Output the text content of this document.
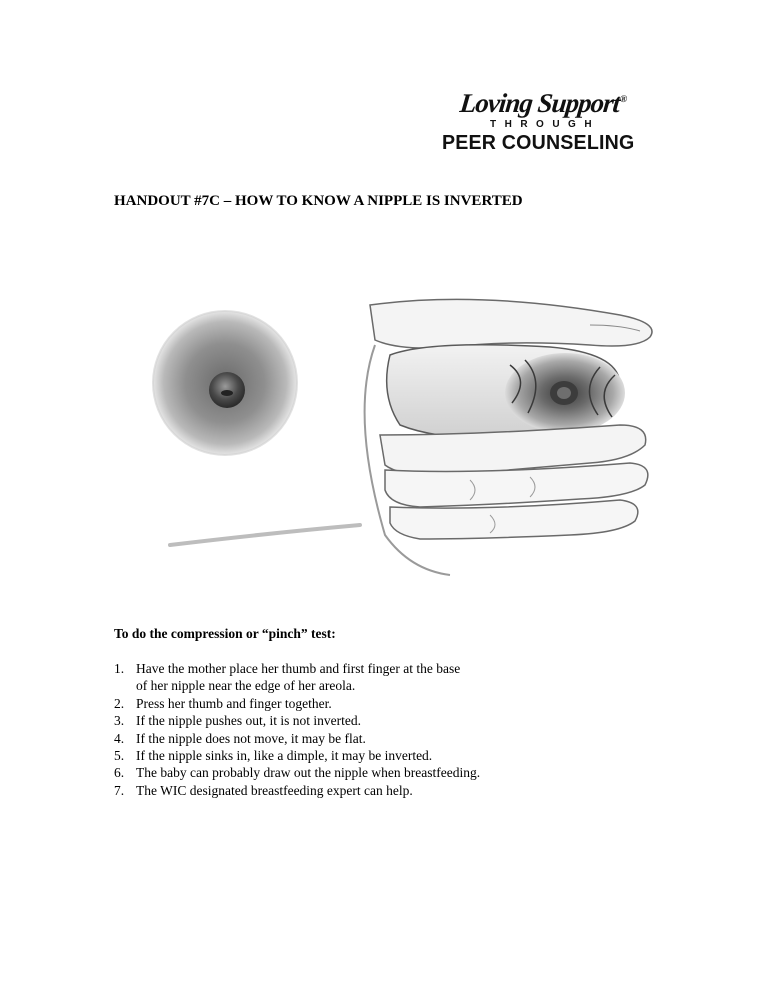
Loving Support®
THROUGH
PEER COUNSELING
HANDOUT #7C – HOW TO KNOW A NIPPLE IS INVERTED
To do the compression or “pinch” test:
1. Have the mother place her thumb and first finger at the base
of her nipple near the edge of her areola.
2. Press her thumb and finger together.
3. If the nipple pushes out, it is not inverted.
4. If the nipple does not move, it may be flat.
5. If the nipple sinks in, like a dimple, it may be inverted.
6. The baby can probably draw out the nipple when breastfeeding.
7. The WIC designated breastfeeding expert can help.
